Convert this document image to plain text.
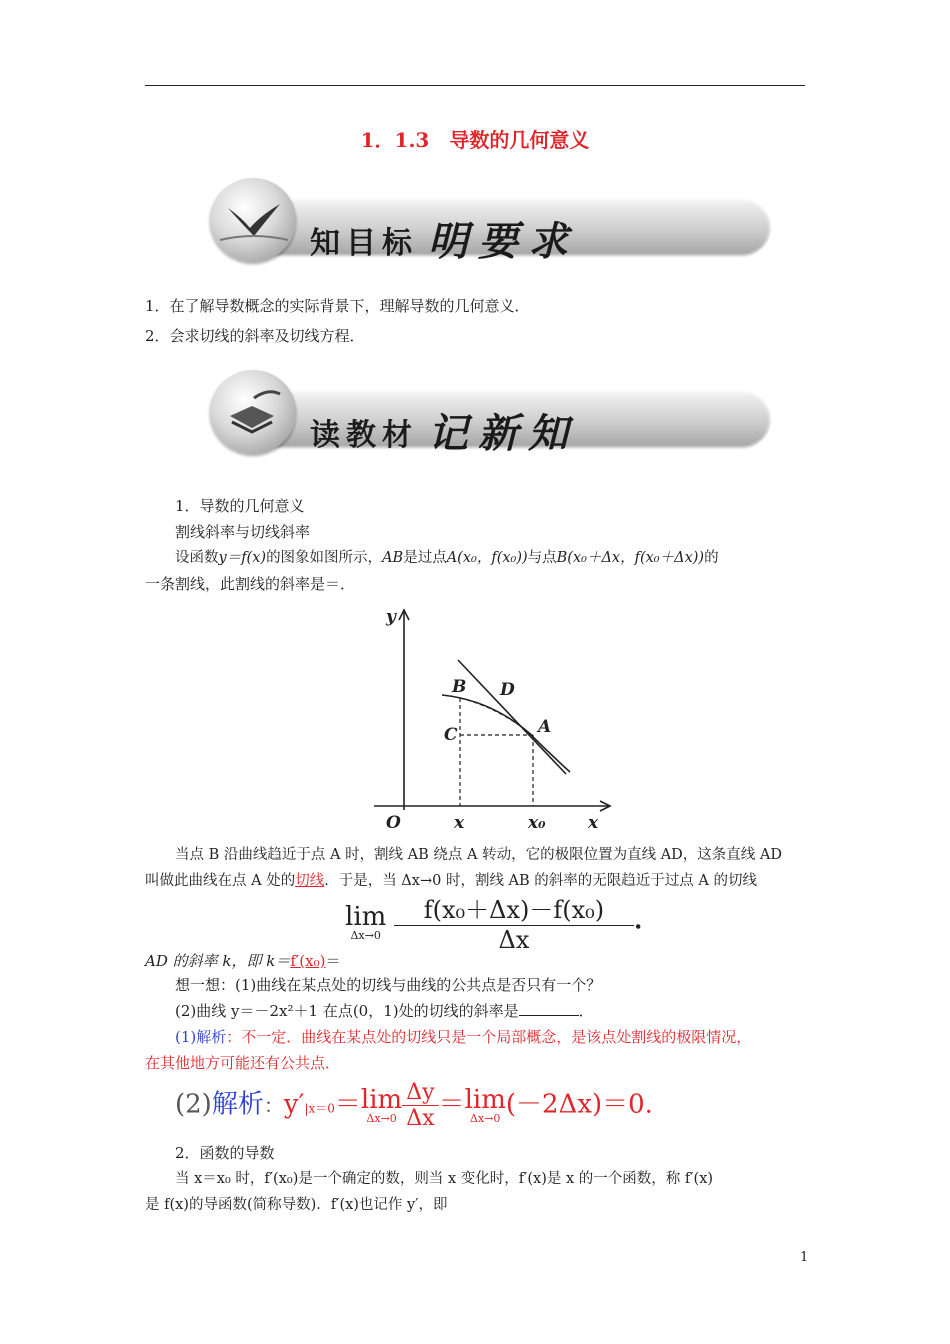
1．1.3　导数的几何意义
知目标 明要求
1．在了解导数概念的实际背景下，理解导数的几何意义．
2．会求切线的斜率及切线方程．
读教材 记新知
1．导数的几何意义
割线斜率与切线斜率
设函数y＝f(x)的图象如图所示，AB是过点A(x₀，f(x₀))与点B(x₀＋Δx，f(x₀＋Δx))的
一条割线，此割线的斜率是＝．
y
O	x
B D
C	A
x	x₀
当点 B 沿曲线趋近于点 A 时，割线 AB 绕点 A 转动，它的极限位置为直线 AD，这条直线 AD
叫做此曲线在点 A 处的切线．于是，当 Δx→0 时，割线 AB 的斜率的无限趋近于过点 A 的切线
lim
Δx→0
$\frac{\text{f(x₀＋Δx)－f(x₀)}}{\Delta x}$ .
AD 的斜率 k，即 k＝f′(x₀)＝
想一想：(1)曲线在某点处的切线与曲线的公共点是否只有一个？
(2)曲线 y＝－2x²＋1 在点(0，1)处的切线的斜率是	．
(1)解析：不一定．曲线在某点处的切线只是一个局部概念，是该点处割线的极限情况，
在其他地方可能还有公共点．
(2)解析：y′|x＝0＝lim
$\Delta x\to 0 \frac{\Delta y}{\Delta x} =\lim$
Δx→0 (－2Δx)＝0.
2．函数的导数
当 x＝x₀ 时，f′(x₀)是一个确定的数，则当 x 变化时，f′(x)是 x 的一个函数，称 f′(x)
是 f(x)的导函数(简称导数)．f′(x)也记作 y′，即
1
